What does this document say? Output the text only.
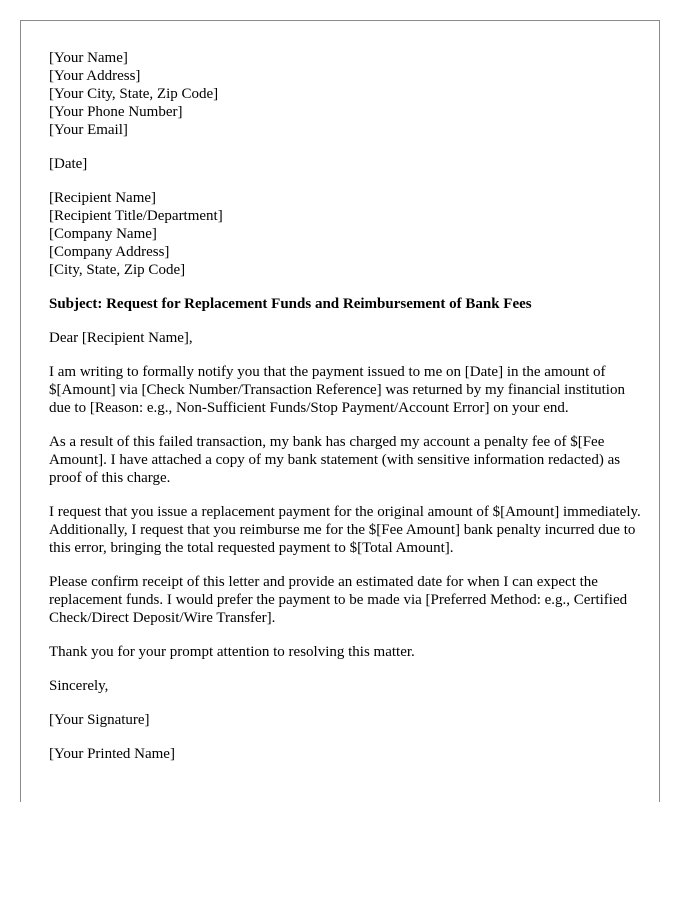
[Your Name]
[Your Address]
[Your City, State, Zip Code]
[Your Phone Number]
[Your Email]
[Date]
[Recipient Name]
[Recipient Title/Department]
[Company Name]
[Company Address]
[City, State, Zip Code]

Subject: Request for Replacement Funds and Reimbursement of Bank Fees

Dear [Recipient Name],

I am writing to formally notify you that the payment issued to me on [Date] in the amount of $[Amount] via [Check Number/Transaction Reference] was returned by my financial institution due to [Reason: e.g., Non-Sufficient Funds/Stop Payment/Account Error] on your end.

As a result of this failed transaction, my bank has charged my account a penalty fee of $[Fee Amount]. I have attached a copy of my bank statement (with sensitive information redacted) as proof of this charge.

I request that you issue a replacement payment for the original amount of $[Amount] immediately. Additionally, I request that you reimburse me for the $[Fee Amount] bank penalty incurred due to this error, bringing the total requested payment to $[Total Amount].

Please confirm receipt of this letter and provide an estimated date for when I can expect the replacement funds. I would prefer the payment to be made via [Preferred Method: e.g., Certified Check/Direct Deposit/Wire Transfer].

Thank you for your prompt attention to resolving this matter.

Sincerely,

[Your Signature]

[Your Printed Name]
